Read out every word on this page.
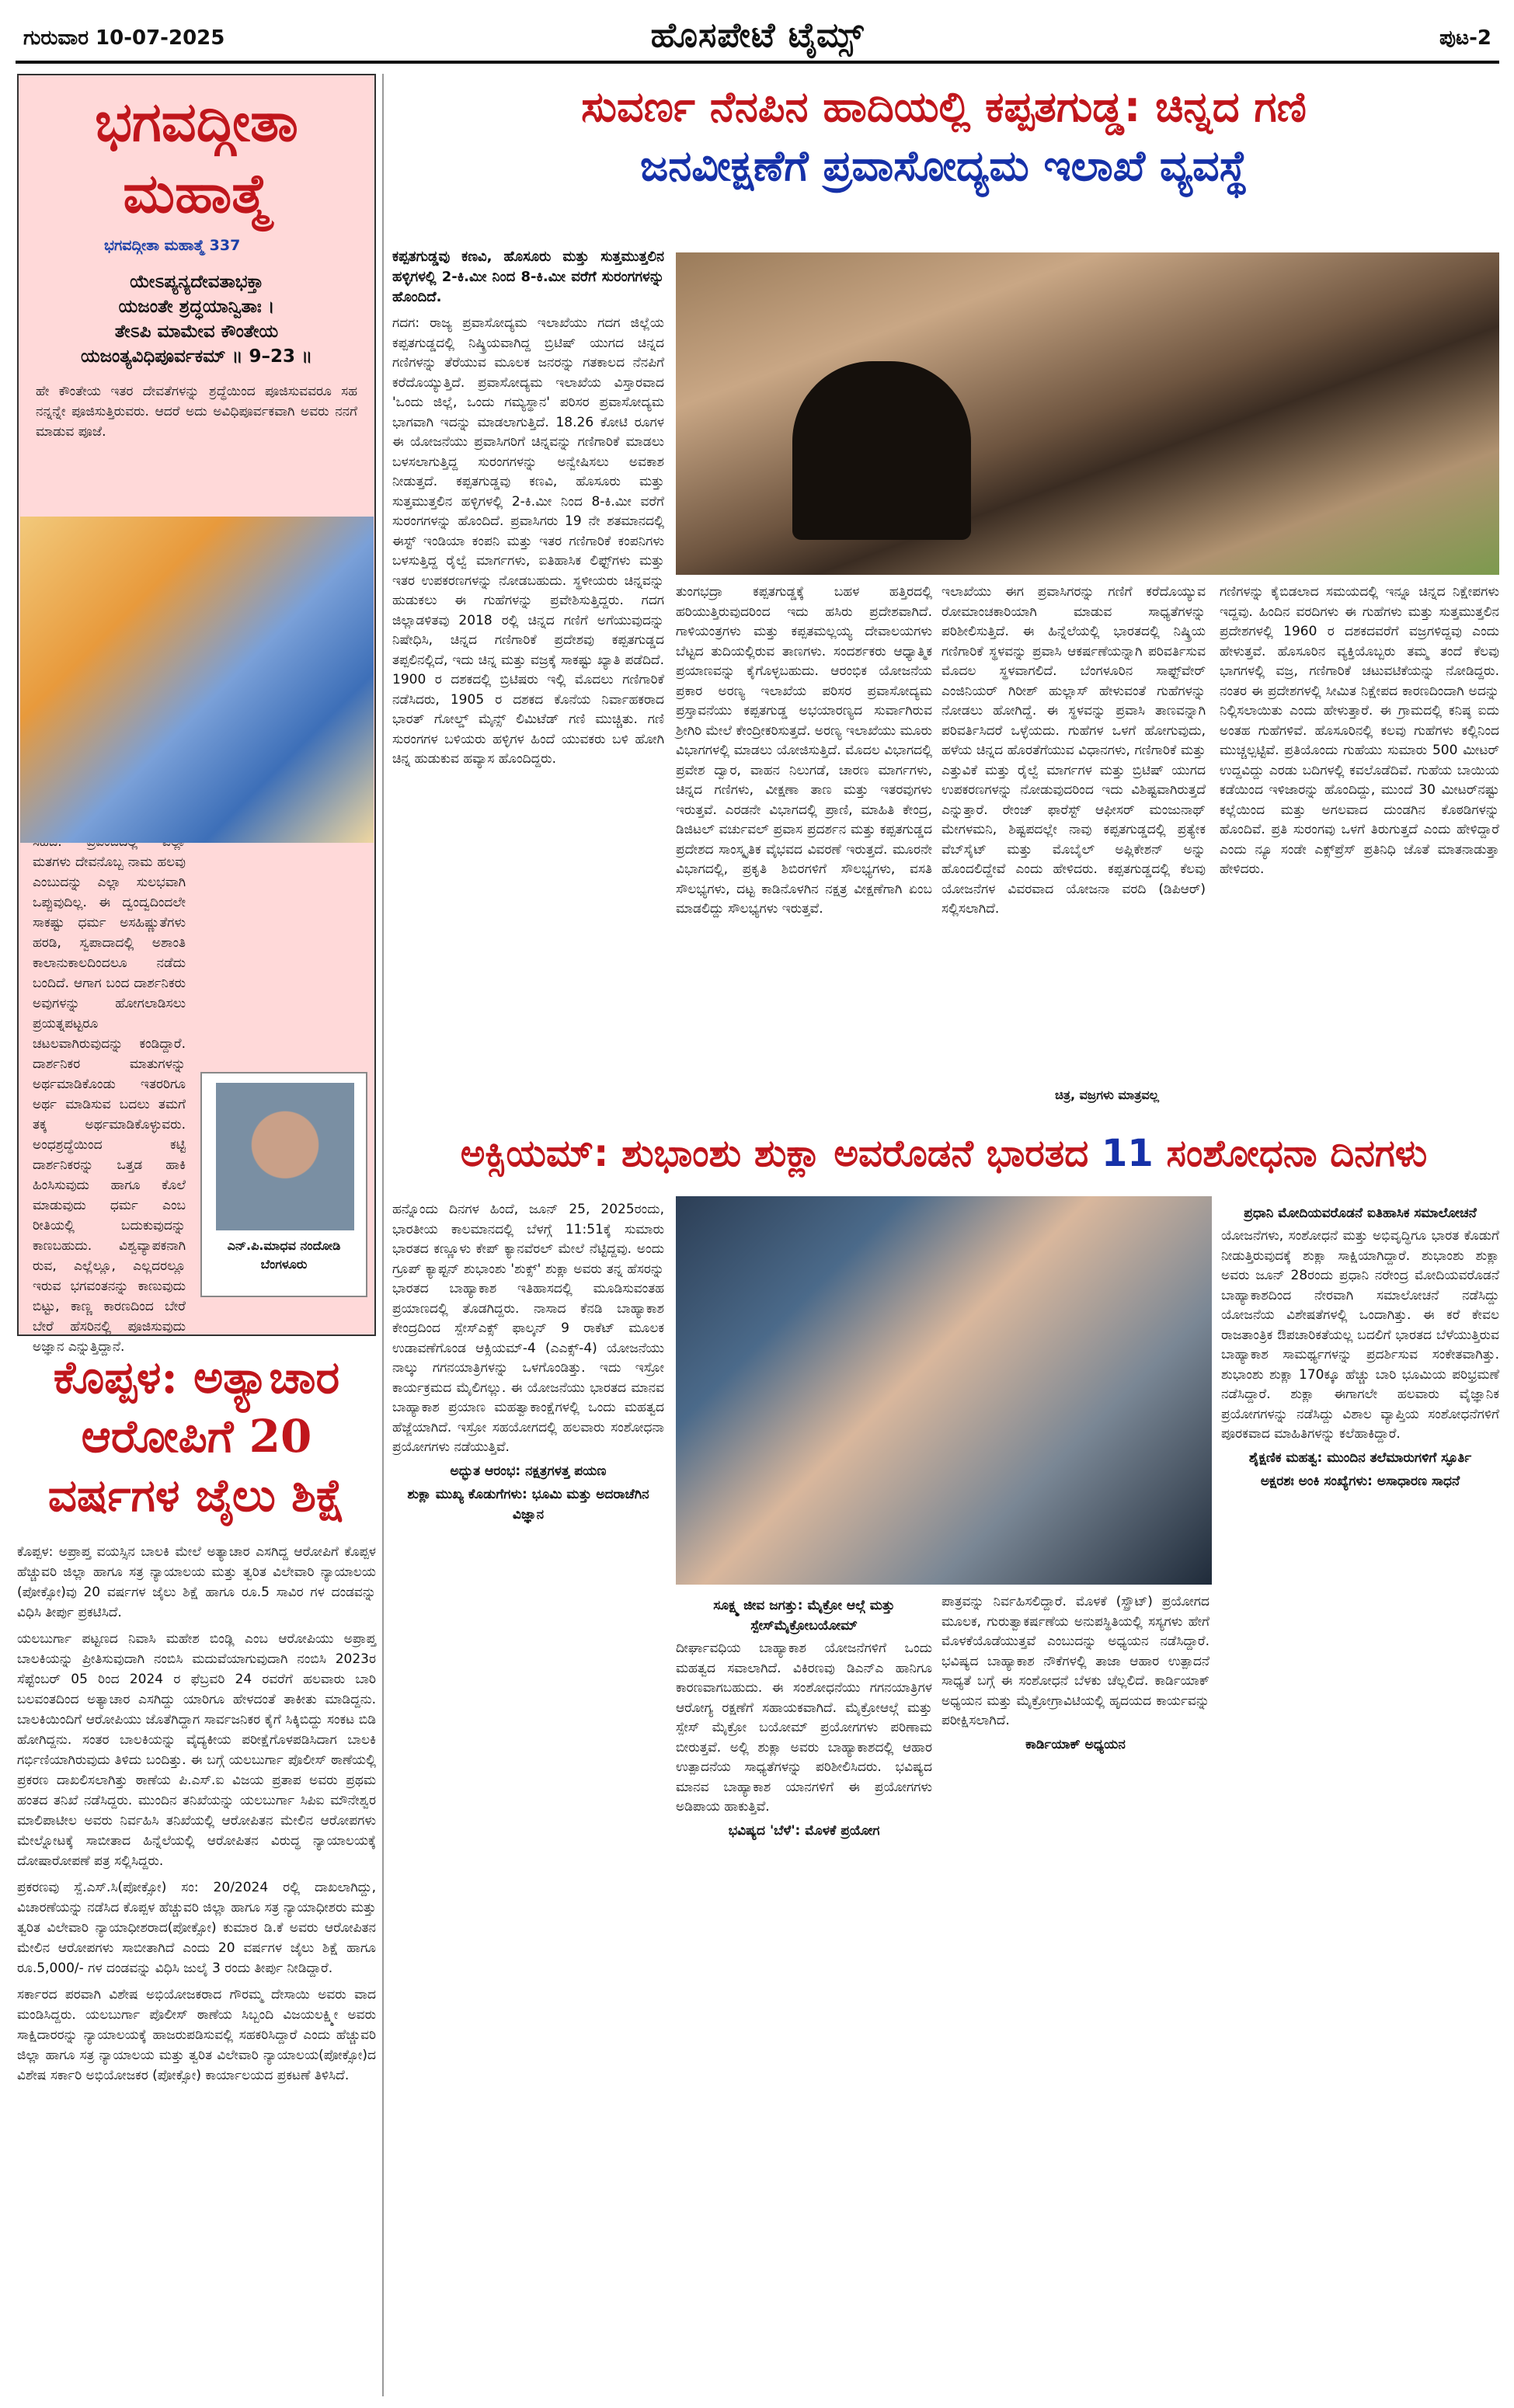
ಗುರುವಾರ 10-07-2025	ಹೊಸಪೇಟೆ ಟೈಮ್ಸ್	ಪುಟ-2
ಭಗವದ್ಗೀತಾ ಮಹಾತ್ಮೆ
ಭಗವದ್ಗೀತಾ ಮಹಾತ್ಮೆ 337
ಯೇಽಪ್ಯನ್ಯದೇವತಾಭಕ್ತಾ
ಯಜಂತೇ ಶ್ರದ್ಧಯಾನ್ವಿತಾಃ ।
ತೇಽಪಿ ಮಾಮೇವ ಕೌಂತೇಯ
ಯಜಂತ್ಯವಿಧಿಪೂರ್ವಕಮ್ ॥ 9–23 ॥
ಹೇ ಕೌಂತೇಯ ಇತರ ದೇವತೆಗಳನ್ನು ಶ್ರದ್ಧೆಯಿಂದ ಪೂಜಿಸುವವರೂ ಸಹ ನನ್ನನ್ನೇ ಪೂಜಿಸುತ್ತಿರುವರು. ಆದರೆ ಅದು ಅವಿಧಿಪೂರ್ವಕವಾಗಿ ಅವರು ನನಗೆ ಮಾಡುವ ಪೂಜೆ.

ಮತಗಳು ದೇವನೊಬ್ಬ ನಾಮ ಹಲವು ಎಂಬುದನ್ನು ಎಲ್ಲಾ ಸುಲಭವಾಗಿ ಒಪ್ಪುವುದಿಲ್ಲ. ಈ ದ್ವಂದ್ವದಿಂದಲೇ ಸಾಕಷ್ಟು ಧರ್ಮ ಅಸಹಿಷ್ಣುತೆಗಳು ಹರಡಿ, ಸ್ವಪಾದಾದಲ್ಲಿ ಅಶಾಂತಿ ಕಾಲಾನುಕಾಲದಿಂದಲೂ ನಡೆದು ಬಂದಿದೆ. ಆಗಾಗ ಬಂದ ದಾರ್ಶನಿಕರು ಅವುಗಳನ್ನು ಹೋಗಲಾಡಿಸಲು ಪ್ರಯತ್ನಪಟ್ಟರೂ ಚಟಲವಾಗಿರುವುದನ್ನು ಕಂಡಿದ್ದಾರೆ. ದಾರ್ಶನಿಕರ ಮಾತುಗಳನ್ನು ಅರ್ಥಮಾಡಿಕೊಂಡು ಇತರರಿಗೂ ಅರ್ಥ ಮಾಡಿಸುವ ಬದಲು ತಮಗೆ ತಕ್ಕ ಅರ್ಥಮಾಡಿಕೊಳ್ಳುವರು. ಅಂಧಶ್ರದ್ಧೆಯಿಂದ ಕಟ್ಟಿ ದಾರ್ಶನಿಕರನ್ನು ಒತ್ತಡ ಹಾಕಿ ಹಿಂಸಿಸುವುದು ಹಾಗೂ ಕೊಲೆ ಮಾಡುವುದು ಧರ್ಮ ಎಂಬ ರೀತಿಯಲ್ಲಿ ಬದುಕುವುದನ್ನು ಕಾಣಬಹುದು. ವಿಶ್ವವ್ಯಾಪಕನಾಗಿ ರುವ, ಎಲ್ಲೆಲ್ಲೂ, ಎಲ್ಲದರಲ್ಲೂ ಇರುವ ಭಗವಂತನನ್ನು ಕಾಣುವುದು ಬಿಟ್ಟು, ಕಾಣ್ಣ ಕಾರಣದಿಂದ ಬೇರೆ ಬೇರೆ ಹೆಸರಿನಲ್ಲಿ ಪೂಜಿಸುವುದು ಅಜ್ಞಾನ ಎನ್ನುತ್ತಿದ್ದಾನೆ.

ಎನ್.ಪಿ.ಮಾಧವ ನಂದೋಡಿ
ಬೆಂಗಳೂರು
ಕೊಪ್ಪಳ: ಅತ್ಯಾಚಾರ ಆರೋಪಿಗೆ 20 ವರ್ಷಗಳ ಜೈಲು ಶಿಕ್ಷೆ

ಕೊಪ್ಪಳ: ಅಪ್ರಾಪ್ತ ವಯಸ್ಸಿನ ಬಾಲಕಿ ಮೇಲೆ ಅತ್ಯಾಚಾರ ಎಸಗಿದ್ದ ಆರೋಪಿಗೆ ಕೊಪ್ಪಳ ಹೆಚ್ಚುವರಿ ಜಿಲ್ಲಾ ಹಾಗೂ ಸತ್ರ ನ್ಯಾಯಾಲಯ ಮತ್ತು ತ್ವರಿತ ವಿಲೇವಾರಿ ನ್ಯಾಯಾಲಯ (ಪೋಕ್ಸೋ)ವು 20 ವರ್ಷಗಳ ಜೈಲು ಶಿಕ್ಷೆ ಹಾಗೂ ರೂ.5 ಸಾವಿರ ಗಳ ದಂಡವನ್ನು ವಿಧಿಸಿ ತೀರ್ಪು ಪ್ರಕಟಿಸಿದೆ.

ಯಲಬುರ್ಗಾ ಪಟ್ಟಣದ ನಿವಾಸಿ ಮಹೇಶ ಬಿಂಡ್ಲಿ ಎಂಬ ಆರೋಪಿಯು ಅಪ್ರಾಪ್ತ ಬಾಲಕಿಯನ್ನು ಪ್ರೀತಿಸುವುದಾಗಿ ನಂಬಿಸಿ ಮದುವೆಯಾಗುವುದಾಗಿ ನಂಬಿಸಿ 2023ರ ಸೆಪ್ಟೆಂಬರ್ 05 ರಿಂದ 2024 ರ ಫೆಬ್ರವರಿ 24 ರವರೆಗೆ ಹಲವಾರು ಬಾರಿ ಬಲವಂತದಿಂದ ಅತ್ಯಾಚಾರ ಎಸಗಿದ್ದು ಯಾರಿಗೂ ಹೇಳದಂತೆ ತಾಕೀತು ಮಾಡಿದ್ದನು. ಬಾಲಕಿಯಿಂದಿಗೆ ಆರೋಪಿಯು ಜೊತೆಗಿದ್ದಾಗ ಸಾರ್ವಜನಿಕರ ಕೈಗೆ ಸಿಕ್ಕಿಬಿದ್ದು ಸಂಕಟ ಬಿಡಿ ಹೋಗಿದ್ದನು. ಸಂತರ ಬಾಲಕಿಯನ್ನು ವೈದ್ಯಕೀಯ ಪರೀಕ್ಷೆಗೊಳಪಡಿಸಿದಾಗ ಬಾಲಕಿ ಗರ್ಭಿಣಿಯಾಗಿರುವುದು ತಿಳಿದು ಬಂದಿತ್ತು. ಈ ಬಗ್ಗೆ ಯಲಬುರ್ಗಾ ಪೊಲೀಸ್ ಠಾಣೆಯಲ್ಲಿ ಪ್ರಕರಣ ದಾಖಲಿಸಲಾಗಿತ್ತು ಠಾಣೆಯ ಪಿ.ಎಸ್.ಐ ವಿಜಯ ಪ್ರತಾಪ ಅವರು ಪ್ರಥಮ ಹಂತದ ತನಿಖೆ ನಡೆಸಿದ್ದರು. ಮುಂದಿನ ತನಿಖೆಯನ್ನು ಯಲಬುರ್ಗಾ ಸಿಪಿಐ ಮೌನೇಶ್ವರ ಮಾಲಿಪಾಟೀಲ ಅವರು ನಿರ್ವಹಿಸಿ ತನಿಖೆಯಲ್ಲಿ ಆರೋಪಿತನ ಮೇಲಿನ ಆರೋಪಗಳು ಮೇಲ್ನೋಟಕ್ಕೆ ಸಾಬೀತಾದ ಹಿನ್ನೆಲೆಯಲ್ಲಿ ಆರೋಪಿತನ ವಿರುದ್ಧ ನ್ಯಾಯಾಲಯಕ್ಕೆ ದೋಷಾರೋಪಣೆ ಪತ್ರ ಸಲ್ಲಿಸಿದ್ದರು.

ಪ್ರಕರಣವು ಸ್ಪೆ.ಎಸ್.ಸಿ(ಪೋಕ್ಸೋ) ಸಂ: 20/2024 ರಲ್ಲಿ ದಾಖಲಾಗಿದ್ದು, ವಿಚಾರಣೆಯನ್ನು ನಡೆಸಿದ ಕೊಪ್ಪಳ ಹೆಚ್ಚುವರಿ ಜಿಲ್ಲಾ ಹಾಗೂ ಸತ್ರ ನ್ಯಾಯಾಧೀಶರು ಮತ್ತು ತ್ವರಿತ ವಿಲೇವಾರಿ ನ್ಯಾಯಾಧೀಶರಾದ(ಪೋಕ್ಸೋ) ಕುಮಾರ ಡಿ.ಕೆ ಅವರು ಆರೋಪಿತನ ಮೇಲಿನ ಆರೋಪಗಳು ಸಾಬೀತಾಗಿದೆ ಎಂದು 20 ವರ್ಷಗಳ ಜೈಲು ಶಿಕ್ಷೆ ಹಾಗೂ ರೂ.5,000/- ಗಳ ದಂಡವನ್ನು ವಿಧಿಸಿ ಜುಲೈ 3 ರಂದು ತೀರ್ಪು ನೀಡಿದ್ದಾರೆ.

ಸರ್ಕಾರದ ಪರವಾಗಿ ವಿಶೇಷ ಅಭಿಯೋಜಕರಾದ ಗೌರಮ್ಮ ದೇಸಾಯಿ ಅವರು ವಾದ ಮಂಡಿಸಿದ್ದರು. ಯಲಬುರ್ಗಾ ಪೊಲೀಸ್ ಠಾಣೆಯ ಸಿಬ್ಬಂದಿ ವಿಜಯಲಕ್ಷ್ಮೀ ಅವರು ಸಾಕ್ಷಿದಾರರನ್ನು ನ್ಯಾಯಾಲಯಕ್ಕೆ ಹಾಜರುಪಡಿಸುವಲ್ಲಿ ಸಹಕರಿಸಿದ್ದಾರೆ ಎಂದು ಹೆಚ್ಚುವರಿ ಜಿಲ್ಲಾ ಹಾಗೂ ಸತ್ರ ನ್ಯಾಯಾಲಯ ಮತ್ತು ತ್ವರಿತ ವಿಲೇವಾರಿ ನ್ಯಾಯಾಲಯ(ಪೋಕ್ಸೋ)ದ ವಿಶೇಷ ಸರ್ಕಾರಿ ಅಭಿಯೋಜಕರ (ಪೋಕ್ಸೋ) ಕಾರ್ಯಾಲಯದ ಪ್ರಕಟಣೆ ತಿಳಿಸಿದೆ.

ಸುವರ್ಣ ನೆನಪಿನ ಹಾದಿಯಲ್ಲಿ ಕಪ್ಪತಗುಡ್ಡ: ಚಿನ್ನದ ಗಣಿ
ಜನವೀಕ್ಷಣೆಗೆ ಪ್ರವಾಸೋದ್ಯಮ ಇಲಾಖೆ ವ್ಯವಸ್ಥೆ

ಕಪ್ಪತಗುಡ್ಡವು ಕಣವಿ, ಹೊಸೂರು ಮತ್ತು ಸುತ್ತಮುತ್ತಲಿನ ಹಳ್ಳಿಗಳಲ್ಲಿ 2-ಕಿ.ಮೀ ನಿಂದ 8-ಕಿ.ಮೀ ವರೆಗೆ ಸುರಂಗಗಳನ್ನು ಹೊಂದಿದೆ.

ಗದಗ: ರಾಜ್ಯ ಪ್ರವಾಸೋದ್ಯಮ ಇಲಾಖೆಯು ಗದಗ ಜಿಲ್ಲೆಯ ಕಪ್ಪತಗುಡ್ಡದಲ್ಲಿ ನಿಷ್ಕ್ರಿಯವಾಗಿದ್ದ ಬ್ರಿಟಿಷ್ ಯುಗದ ಚಿನ್ನದ ಗಣಿಗಳನ್ನು ತೆರೆಯುವ ಮೂಲಕ ಜನರನ್ನು ಗತಕಾಲದ ನೆನಪಿಗೆ ಕರೆದೊಯ್ಯುತ್ತಿದೆ. ಪ್ರವಾಸೋದ್ಯಮ ಇಲಾಖೆಯ ವಿಸ್ತಾರವಾದ 'ಒಂದು ಜಿಲ್ಲೆ, ಒಂದು ಗಮ್ಯಸ್ಥಾನ' ಪರಿಸರ ಪ್ರವಾಸೋದ್ಯಮ ಭಾಗವಾಗಿ ಇದನ್ನು ಮಾಡಲಾಗುತ್ತಿದೆ. 18.26 ಕೋಟಿ ರೂಗಳ ಈ ಯೋಜನೆಯು ಪ್ರವಾಸಿಗರಿಗೆ ಚಿನ್ನವನ್ನು ಗಣಿಗಾರಿಕೆ ಮಾಡಲು ಬಳಸಲಾಗುತ್ತಿದ್ದ ಸುರಂಗಗಳನ್ನು ಅನ್ವೇಷಿಸಲು ಅವಕಾಶ ನೀಡುತ್ತದೆ. ಕಪ್ಪತಗುಡ್ಡವು ಕಣವಿ, ಹೊಸೂರು ಮತ್ತು ಸುತ್ತಮುತ್ತಲಿನ ಹಳ್ಳಿಗಳಲ್ಲಿ 2-ಕಿ.ಮೀ ನಿಂದ 8-ಕಿ.ಮೀ ವರೆಗೆ ಸುರಂಗಗಳನ್ನು ಹೊಂದಿದೆ. ಪ್ರವಾಸಿಗರು 19 ನೇ ಶತಮಾನದಲ್ಲಿ ಈಸ್ಟ್ ಇಂಡಿಯಾ ಕಂಪನಿ ಮತ್ತು ಇತರ ಗಣಿಗಾರಿಕೆ ಕಂಪನಿಗಳು ಬಳಸುತ್ತಿದ್ದ ರೈಲ್ವೆ ಮಾರ್ಗಗಳು, ಐತಿಹಾಸಿಕ ಲಿಫ್ಟ್‌ಗಳು ಮತ್ತು ಇತರ ಉಪಕರಣಗಳನ್ನು ನೋಡಬಹುದು. ಸ್ಥಳೀಯರು ಚಿನ್ನವನ್ನು ಹುಡುಕಲು ಈ ಗುಹೆಗಳನ್ನು ಪ್ರವೇಶಿಸುತ್ತಿದ್ದರು. ಗದಗ ಜಿಲ್ಲಾಡಳಿತವು 2018 ರಲ್ಲಿ ಚಿನ್ನದ ಗಣಿಗೆ ಅಗೆಯುವುದನ್ನು ನಿಷೇಧಿಸಿ, ಚಿನ್ನದ ಗಣಿಗಾರಿಕೆ ಪ್ರದೇಶವು ಕಪ್ಪತಗುಡ್ಡದ ತಪ್ಪಲಿನಲ್ಲಿದೆ, ಇದು ಚಿನ್ನ ಮತ್ತು ವಜ್ರಕ್ಕೆ ಸಾಕಷ್ಟು ಖ್ಯಾತಿ ಪಡೆದಿದೆ. 1900 ರ ದಶಕದಲ್ಲಿ ಬ್ರಿಟಿಷರು ಇಲ್ಲಿ ಮೊದಲು ಗಣಿಗಾರಿಕೆ ನಡೆಸಿದರು, 1905 ರ ದಶಕದ ಕೊನೆಯ ನಿರ್ವಾಹಕರಾದ ಭಾರತ್ ಗೋಲ್ಡ್ ಮೈನ್ಸ್ ಲಿಮಿಟೆಡ್ ಗಣಿ ಮುಚ್ಚಿತು. ಗಣಿ ಸುರಂಗಗಳ ಬಳಿಯರು ಹಳ್ಳಿಗಳ ಹಿಂದೆ ಯುವಕರು ಬಳಿ ಹೋಗಿ ಚಿನ್ನ ಹುಡುಕುವ ಹವ್ಯಾಸ ಹೊಂದಿದ್ದರು.

ತುಂಗಭದ್ರಾ ಕಪ್ಪತಗುಡ್ಡಕ್ಕೆ ಬಹಳ ಹತ್ತಿರದಲ್ಲಿ ಹರಿಯುತ್ತಿರುವುದರಿಂದ ಇದು ಹಸಿರು ಪ್ರದೇಶವಾಗಿದೆ. ಗಾಳಿಯಂತ್ರಗಳು ಮತ್ತು ಕಪ್ಪತಮಲ್ಲಯ್ಯ ದೇವಾಲಯಗಳು ಬೆಟ್ಟದ ತುದಿಯಲ್ಲಿರುವ ತಾಣಗಳು. ಸಂದರ್ಶಕರು ಆಧ್ಯಾತ್ಮಿಕ ಪ್ರಯಾಣವನ್ನು ಕೈಗೊಳ್ಳಬಹುದು. ಆರಂಭಿಕ ಯೋಜನೆಯ ಪ್ರಕಾರ ಅರಣ್ಯ ಇಲಾಖೆಯ ಪರಿಸರ ಪ್ರವಾಸೋದ್ಯಮ ಪ್ರಸ್ತಾವನೆಯು ಕಪ್ಪತಗುಡ್ಡ ಅಭಯಾರಣ್ಯದ ಸುರ್ವಾಗಿರುವ ಶ್ರೀಗಿರಿ ಮೇಲೆ ಕೇಂದ್ರೀಕರಿಸುತ್ತದೆ. ಅರಣ್ಯ ಇಲಾಖೆಯು ಮೂರು ವಿಭಾಗಗಳಲ್ಲಿ ಮಾಡಲು ಯೋಜಿಸುತ್ತಿದೆ. ಮೊದಲ ವಿಭಾಗದಲ್ಲಿ ಪ್ರವೇಶ ದ್ವಾರ, ವಾಹನ ನಿಲುಗಡೆ, ಚಾರಣ ಮಾರ್ಗಗಳು, ಚಿನ್ನದ ಗಣಿಗಳು, ವೀಕ್ಷಣಾ ತಾಣ ಮತ್ತು ಇತರವುಗಳು ಇರುತ್ತವೆ. ಎರಡನೇ ವಿಭಾಗದಲ್ಲಿ ಪ್ರಾಣಿ, ಮಾಹಿತಿ ಕೇಂದ್ರ, ಡಿಜಿಟಲ್ ವರ್ಚುವಲ್ ಪ್ರವಾಸ ಪ್ರದರ್ಶನ ಮತ್ತು ಕಪ್ಪತಗುಡ್ಡದ ಪ್ರದೇಶದ ಸಾಂಸ್ಕೃತಿಕ ವೈಭವದ ವಿವರಣೆ ಇರುತ್ತದೆ. ಮೂರನೇ ವಿಭಾಗದಲ್ಲಿ, ಪ್ರಕೃತಿ ಶಿಬಿರಗಳಿಗೆ ಸೌಲಭ್ಯಗಳು, ವಸತಿ ಸೌಲಭ್ಯಗಳು, ದಟ್ಟ ಕಾಡಿನೊಳಗಿನ ನಕ್ಷತ್ರ ವೀಕ್ಷಣೆಗಾಗಿ ಏಂಬ ಮಾಡಲಿದ್ದು ಸೌಲಭ್ಯಗಳು ಇರುತ್ತವೆ.

ಇಲಾಖೆಯು ಈಗ ಪ್ರವಾಸಿಗರನ್ನು ಗಣಿಗೆ ಕರೆದೊಯ್ಯುವ ರೋಮಾಂಚಕಾರಿಯಾಗಿ ಮಾಡುವ ಸಾಧ್ಯತೆಗಳನ್ನು ಪರಿಶೀಲಿಸುತ್ತಿದೆ. ಈ ಹಿನ್ನೆಲೆಯಲ್ಲಿ ಭಾರತದಲ್ಲಿ ನಿಷ್ಕ್ರಿಯ ಗಣಿಗಾರಿಕೆ ಸ್ಥಳವನ್ನು ಪ್ರವಾಸಿ ಆಕರ್ಷಣೆಯನ್ನಾಗಿ ಪರಿವರ್ತಿಸುವ ಮೊದಲ ಸ್ಥಳವಾಗಲಿದೆ. ಬೆಂಗಳೂರಿನ ಸಾಫ್ಟ್‌ವೇರ್ ಎಂಜಿನಿಯರ್ ಗಿರೀಶ್ ಹುಲ್ಲಾಸ್ ಹೇಳುವಂತೆ ಗುಹೆಗಳನ್ನು ನೋಡಲು ಹೋಗಿದ್ದೆ. ಈ ಸ್ಥಳವನ್ನು ಪ್ರವಾಸಿ ತಾಣವನ್ನಾಗಿ ಪರಿವರ್ತಿಸಿದರೆ ಒಳ್ಳೆಯದು. ಗುಹೆಗಳ ಒಳಗೆ ಹೋಗುವುದು, ಹಳೆಯ ಚಿನ್ನದ ಹೊರತೆಗೆಯುವ ವಿಧಾನಗಳು, ಗಣಿಗಾರಿಕೆ ಮತ್ತು ಎತ್ತುವಿಕೆ ಮತ್ತು ರೈಲ್ವೆ ಮಾರ್ಗಗಳ ಮತ್ತು ಬ್ರಿಟಿಷ್ ಯುಗದ ಉಪಕರಣಗಳನ್ನು ನೋಡುವುದರಿಂದ ಇದು ವಿಶಿಷ್ಟವಾಗಿರುತ್ತದೆ ಎನ್ನುತ್ತಾರೆ. ರೇಂಜ್ ಫಾರೆಸ್ಟ್ ಆಫೀಸರ್ ಮಂಜುನಾಥ್ ಮೇಗಳಮನಿ, ಶಿಷ್ಟಪದಲ್ಲೇ ನಾವು ಕಪ್ಪತಗುಡ್ಡದಲ್ಲಿ ಪ್ರತ್ಯೇಕ ವೆಬ್‌ಸೈಟ್ ಮತ್ತು ಮೊಬೈಲ್ ಅಪ್ಲಿಕೇಶನ್ ಅನ್ನು ಹೊಂದಲಿದ್ದೇವೆ ಎಂದು ಹೇಳಿದರು. ಕಪ್ಪತಗುಡ್ಡದಲ್ಲಿ ಕೆಲವು ಯೋಜನೆಗಳ ವಿವರವಾದ ಯೋಜನಾ ವರದಿ (ಡಿಪಿಆರ್) ಸಲ್ಲಿಸಲಾಗಿದೆ.

ಚಿತ್ರ, ವಜ್ರಗಳು ಮಾತ್ರವಲ್ಲ

ಗಣಿಗಳನ್ನು ಕೈಬಿಡಲಾದ ಸಮಯದಲ್ಲಿ ಇನ್ನೂ ಚಿನ್ನದ ನಿಕ್ಷೇಪಗಳು ಇದ್ದವು. ಹಿಂದಿನ ವರದಿಗಳು ಈ ಗುಹೆಗಳು ಮತ್ತು ಸುತ್ತಮುತ್ತಲಿನ ಪ್ರದೇಶಗಳಲ್ಲಿ 1960 ರ ದಶಕದವರೆಗೆ ವಜ್ರಗಳಿದ್ದವು ಎಂದು ಹೇಳುತ್ತವೆ. ಹೊಸೂರಿನ ವ್ಯಕ್ತಿಯೊಬ್ಬರು ತಮ್ಮ ತಂದೆ ಕೆಲವು ಭಾಗಗಳಲ್ಲಿ ವಜ್ರ, ಗಣಿಗಾರಿಕೆ ಚಟುವಟಿಕೆಯನ್ನು ನೋಡಿದ್ದರು. ನಂತರ ಈ ಪ್ರದೇಶಗಳಲ್ಲಿ ಸೀಮಿತ ನಿಕ್ಷೇಪದ ಕಾರಣದಿಂದಾಗಿ ಅದನ್ನು ನಿಲ್ಲಿಸಲಾಯಿತು ಎಂದು ಹೇಳುತ್ತಾರೆ. ಈ ಗ್ರಾಮದಲ್ಲಿ ಕನಿಷ್ಠ ಐದು ಅಂತಹ ಗುಹೆಗಳಿವೆ. ಹೊಸೂರಿನಲ್ಲಿ ಕಲವು ಗುಹೆಗಳು ಕಲ್ಲಿನಿಂದ ಮುಚ್ಚಲ್ಪಟ್ಟಿವೆ. ಪ್ರತಿಯೊಂದು ಗುಹೆಯು ಸುಮಾರು 500 ಮೀಟರ್ ಉದ್ದವಿದ್ದು ಎರಡು ಬದಿಗಳಲ್ಲಿ ಕವಲೊಡೆದಿವೆ. ಗುಹೆಯ ಬಾಯಿಯ ಕಡೆಯಿಂದ ಇಳಿಜಾರನ್ನು ಹೊಂದಿದ್ದು, ಮುಂದೆ 30 ಮೀಟರ್‌ನಷ್ಟು ಕಲ್ಲೆಯಿಂದ ಮತ್ತು ಅಗಲವಾದ ದುಂಡಗಿನ ಕೊಠಡಿಗಳನ್ನು ಹೊಂದಿವೆ. ಪ್ರತಿ ಸುರಂಗವು ಒಳಗೆ ತಿರುಗುತ್ತದೆ ಎಂದು ಹೇಳಿದ್ದಾರೆ ಎಂದು ನ್ಯೂ ಸಂಡೇ ಎಕ್ಸ್‌ಪ್ರೆಸ್ ಪ್ರತಿನಿಧಿ ಜೊತೆ ಮಾತನಾಡುತ್ತಾ ಹೇಳಿದರು.

ಅಕ್ಸಿಯಮ್: ಶುಭಾಂಶು ಶುಕ್ಲಾ ಅವರೊಡನೆ ಭಾರತದ 11 ಸಂಶೋಧನಾ ದಿನಗಳು

ಹನ್ನೊಂದು ದಿನಗಳ ಹಿಂದೆ, ಜೂನ್ 25, 2025ರಂದು, ಭಾರತೀಯ ಕಾಲಮಾನದಲ್ಲಿ ಬೆಳಗ್ಗೆ 11:51ಕ್ಕೆ ಸುಮಾರು ಭಾರತದ ಕಣ್ಣೂಳು ಕೇಪ್ ಕ್ಯಾನವೆರಲ್ ಮೇಲೆ ನೆಟ್ಟಿದ್ದವು. ಅಂದು ಗ್ರೂಪ್ ಕ್ಯಾಪ್ಟನ್ ಶುಭಾಂಶು 'ಶುಕ್ಸ್' ಶುಕ್ಲಾ ಅವರು ತನ್ನ ಹೆಸರನ್ನು ಭಾರತದ ಬಾಹ್ಯಾಕಾಶ ಇತಿಹಾಸದಲ್ಲಿ ಮೂಡಿಸುವಂತಹ ಪ್ರಯಾಣದಲ್ಲಿ ತೊಡಗಿದ್ದರು. ನಾಸಾದ ಕೆನಡಿ ಬಾಹ್ಯಾಕಾಶ ಕೇಂದ್ರದಿಂದ ಸ್ಪೇಸ್‌ಎಕ್ಸ್ ಫಾಲ್ಕನ್ 9 ರಾಕೆಟ್ ಮೂಲಕ ಉಡಾವಣೆಗೊಂಡ ಆಕ್ಸಿಯಮ್-4 (ಎಎಕ್ಸ್-4) ಯೋಜನೆಯು ನಾಲ್ಕು ಗಗನಯಾತ್ರಿಗಳನ್ನು ಒಳಗೊಂಡಿತ್ತು. ಇದು ಇಸ್ರೋ ಕಾರ್ಯಕ್ರಮದ ಮೈಲಿಗಲ್ಲು. ಈ ಯೋಜನೆಯು ಭಾರತದ ಮಾನವ ಬಾಹ್ಯಾಕಾಶ ಪ್ರಯಾಣ ಮಹತ್ವಾಕಾಂಕ್ಷೆಗಳಲ್ಲಿ ಒಂದು ಮಹತ್ವದ ಹೆಜ್ಜೆಯಾಗಿದೆ. ಇಸ್ರೋ ಸಹಯೋಗದಲ್ಲಿ ಹಲವಾರು ಸಂಶೋಧನಾ ಪ್ರಯೋಗಗಳು ನಡೆಯುತ್ತಿವೆ.

ಅದ್ಭುತ ಆರಂಭ: ನಕ್ಷತ್ರಗಳತ್ತ ಪಯಣ
ಶುಕ್ಲಾ ಮುಖ್ಯ ಕೊಡುಗೆಗಳು: ಭೂಮಿ ಮತ್ತು ಅದರಾಚೆಗಿನ ವಿಜ್ಞಾನ
ಸೂಕ್ಷ್ಮ ಜೀವ ಜಗತ್ತು: ಮೈಕ್ರೋ ಆಲ್ಗೆ ಮತ್ತು ಸ್ಪೇಸ್‌ಮೈಕ್ರೋಬಯೋಮ್

ದೀರ್ಘಾವಧಿಯ ಬಾಹ್ಯಾಕಾಶ ಯೋಜನೆಗಳಿಗೆ ಒಂದು ಮಹತ್ವದ ಸವಾಲಾಗಿದೆ. ವಿಕಿರಣವು ಡಿಎನ್‌ಎ ಹಾನಿಗೂ ಕಾರಣವಾಗಬಹುದು. ಈ ಸಂಶೋಧನೆಯು ಗಗನಯಾತ್ರಿಗಳ ಆರೋಗ್ಯ ರಕ್ಷಣೆಗೆ ಸಹಾಯಕವಾಗಿದೆ. ಮೈಕ್ರೋಆಲ್ಗೆ ಮತ್ತು ಸ್ಪೇಸ್ ಮೈಕ್ರೋ ಬಯೋಮ್ ಪ್ರಯೋಗಗಳು ಪರಿಣಾಮ ಬೀರುತ್ತವೆ. ಅಲ್ಲಿ ಶುಕ್ಲಾ ಅವರು ಬಾಹ್ಯಾಕಾಶದಲ್ಲಿ ಆಹಾರ ಉತ್ಪಾದನೆಯ ಸಾಧ್ಯತೆಗಳನ್ನು ಪರಿಶೀಲಿಸಿದರು. ಭವಿಷ್ಯದ ಮಾನವ ಬಾಹ್ಯಾಕಾಶ ಯಾನಗಳಿಗೆ ಈ ಪ್ರಯೋಗಗಳು ಅಡಿಪಾಯ ಹಾಕುತ್ತಿವೆ.

ಭವಿಷ್ಯದ 'ಬೆಳೆ': ಮೊಳಕೆ ಪ್ರಯೋಗ

ಪಾತ್ರವನ್ನು ನಿರ್ವಹಿಸಲಿದ್ದಾರೆ. ಮೊಳಕೆ (ಸ್ಪ್ರೌಟ್) ಪ್ರಯೋಗದ ಮೂಲಕ, ಗುರುತ್ವಾಕರ್ಷಣೆಯ ಅನುಪಸ್ಥಿತಿಯಲ್ಲಿ ಸಸ್ಯಗಳು ಹೇಗೆ ಮೊಳಕೆಯೊಡೆಯುತ್ತವೆ ಎಂಬುದನ್ನು ಅಧ್ಯಯನ ನಡೆಸಿದ್ದಾರೆ. ಭವಿಷ್ಯದ ಬಾಹ್ಯಾಕಾಶ ನೌಕೆಗಳಲ್ಲಿ ತಾಜಾ ಆಹಾರ ಉತ್ಪಾದನೆ ಸಾಧ್ಯತೆ ಬಗ್ಗೆ ಈ ಸಂಶೋಧನೆ ಬೆಳಕು ಚೆಲ್ಲಲಿದೆ. ಕಾರ್ಡಿಯಾಕ್ ಅಧ್ಯಯನ ಮತ್ತು ಮೈಕ್ರೋಗ್ರಾವಿಟಿಯಲ್ಲಿ ಹೃದಯದ ಕಾರ್ಯವನ್ನು ಪರೀಕ್ಷಿಸಲಾಗಿದೆ.

ಕಾರ್ಡಿಯಾಕ್ ಅಧ್ಯಯನ
ಪ್ರಧಾನಿ ಮೋದಿಯವರೊಡನೆ ಐತಿಹಾಸಿಕ ಸಮಾಲೋಚನೆ

ಯೋಜನೆಗಳು, ಸಂಶೋಧನೆ ಮತ್ತು ಅಭಿವೃದ್ಧಿಗೂ ಭಾರತ ಕೊಡುಗೆ ನೀಡುತ್ತಿರುವುದಕ್ಕೆ ಶುಕ್ಲಾ ಸಾಕ್ಷಿಯಾಗಿದ್ದಾರೆ. ಶುಭಾಂಶು ಶುಕ್ಲಾ ಅವರು ಜೂನ್ 28ರಂದು ಪ್ರಧಾನಿ ನರೇಂದ್ರ ಮೋದಿಯವರೊಡನೆ ಬಾಹ್ಯಾಕಾಶದಿಂದ ನೇರವಾಗಿ ಸಮಾಲೋಚನೆ ನಡೆಸಿದ್ದು ಯೋಜನೆಯ ವಿಶೇಷತೆಗಳಲ್ಲಿ ಒಂದಾಗಿತ್ತು. ಈ ಕರೆ ಕೇವಲ ರಾಜತಾಂತ್ರಿಕ ಔಪಚಾರಿಕತೆಯಲ್ಲ ಬದಲಿಗೆ ಭಾರತದ ಬೆಳೆಯುತ್ತಿರುವ ಬಾಹ್ಯಾಕಾಶ ಸಾಮರ್ಥ್ಯಗಳನ್ನು ಪ್ರದರ್ಶಿಸುವ ಸಂಕೇತವಾಗಿತ್ತು. ಶುಭಾಂಶು ಶುಕ್ಲಾ 170ಕ್ಕೂ ಹೆಚ್ಚು ಬಾರಿ ಭೂಮಿಯ ಪರಿಭ್ರಮಣೆ ನಡೆಸಿದ್ದಾರೆ. ಶುಕ್ಲಾ ಈಗಾಗಲೇ ಹಲವಾರು ವೈಜ್ಞಾನಿಕ ಪ್ರಯೋಗಗಳನ್ನು ನಡೆಸಿದ್ದು ವಿಶಾಲ ವ್ಯಾಪ್ತಿಯ ಸಂಶೋಧನೆಗಳಿಗೆ ಪೂರಕವಾದ ಮಾಹಿತಿಗಳನ್ನು ಕಲೆಹಾಕಿದ್ದಾರೆ.

ಶೈಕ್ಷಣಿಕ ಮಹತ್ವ: ಮುಂದಿನ ತಲೆಮಾರುಗಳಿಗೆ ಸ್ಫೂರ್ತಿ
ಅಕ್ಷರಶಃ ಅಂಕಿ ಸಂಖ್ಯೆಗಳು: ಅಸಾಧಾರಣ ಸಾಧನೆ
